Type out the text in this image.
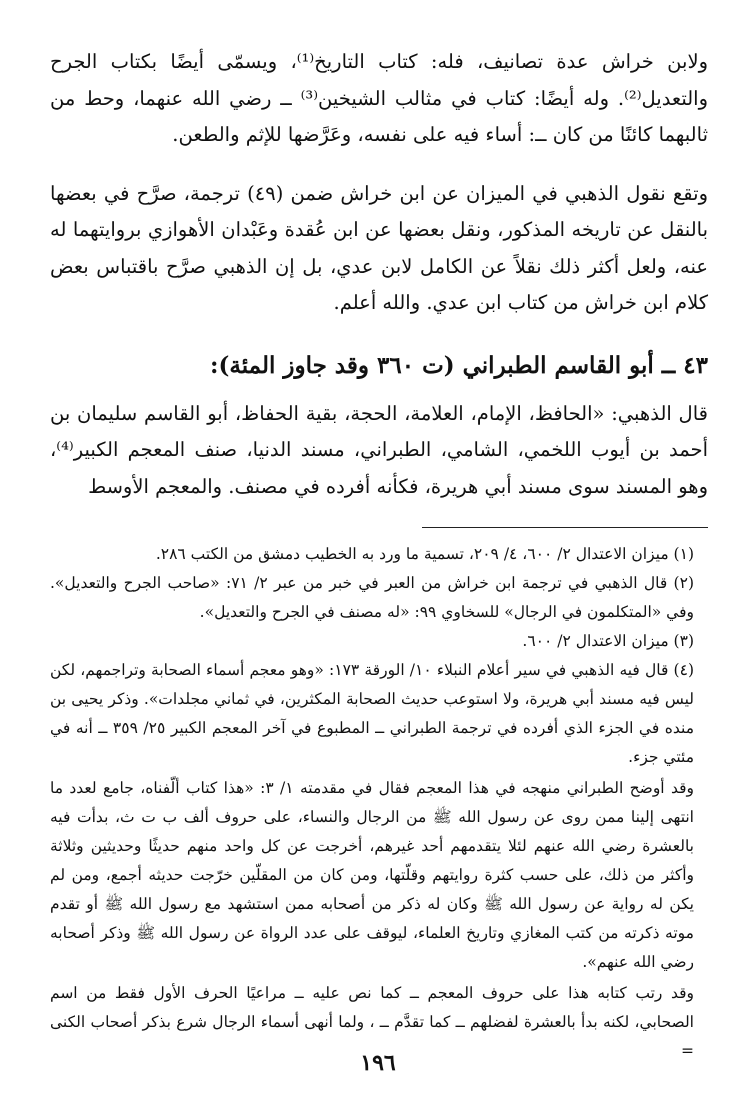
ولابن خراش عدة تصانيف، فله: كتاب التاريخ⁽¹⁾، ويسمّى أيضًا بكتاب الجرح والتعديل⁽²⁾. وله أيضًا: كتاب في مثالب الشيخين⁽³⁾ ــ رضي الله عنهما، وحط من ثالبهما كائنًا من كان ــ: أساء فيه على نفسه، وعَرَّضها للإثم والطعن.

وتقع نقول الذهبي في الميزان عن ابن خراش ضمن (٤٩) ترجمة، صرَّح في بعضها بالنقل عن تاريخه المذكور، ونقل بعضها عن ابن عُقدة وعَبْدان الأهوازي بروايتهما له عنه، ولعل أكثر ذلك نقلاً عن الكامل لابن عدي، بل إن الذهبي صرَّح باقتباس بعض كلام ابن خراش من كتاب ابن عدي. والله أعلم.

٤٣ ــ أبو القاسم الطبراني (ت ٣٦٠ وقد جاوز المئة):

قال الذهبي: «الحافظ، الإمام، العلامة، الحجة، بقية الحفاظ، أبو القاسم سليمان بن أحمد بن أيوب اللخمي، الشامي، الطبراني، مسند الدنيا، صنف المعجم الكبير⁽⁴⁾، وهو المسند سوى مسند أبي هريرة، فكأنه أفرده في مصنف. والمعجم الأوسط

(١) ميزان الاعتدال ٢/ ٦٠٠، ٤/ ٢٠٩، تسمية ما ورد به الخطيب دمشق من الكتب ٢٨٦.

(٢) قال الذهبي في ترجمة ابن خراش من العبر في خبر من عبر ٢/ ٧١: «صاحب الجرح والتعديل». وفي «المتكلمون في الرجال» للسخاوي ٩٩: «له مصنف في الجرح والتعديل».

(٣) ميزان الاعتدال ٢/ ٦٠٠.

(٤) قال فيه الذهبي في سير أعلام النبلاء ١٠/ الورقة ١٧٣: «وهو معجم أسماء الصحابة وتراجمهم، لكن ليس فيه مسند أبي هريرة، ولا استوعب حديث الصحابة المكثرين، في ثماني مجلدات». وذكر يحيى بن منده في الجزء الذي أفرده في ترجمة الطبراني ــ المطبوع في آخر المعجم الكبير ٢٥/ ٣٥٩ ــ أنه في مئتي جزء.

وقد أوضح الطبراني منهجه في هذا المعجم فقال في مقدمته ١/ ٣: «هذا كتاب ألّفناه، جامع لعدد ما انتهى إلينا ممن روى عن رسول الله ﷺ من الرجال والنساء، على حروف ألف ب ت ث، بدأت فيه بالعشرة رضي الله عنهم لئلا يتقدمهم أحد غيرهم، أخرجت عن كل واحد منهم حديثًا وحديثين وثلاثة وأكثر من ذلك، على حسب كثرة روايتهم وقلّتها، ومن كان من المقلّين خرّجت حديثه أجمع، ومن لم يكن له رواية عن رسول الله ﷺ وكان له ذكر من أصحابه ممن استشهد مع رسول الله ﷺ أو تقدم موته ذكرته من كتب المغازي وتاريخ العلماء، ليوقف على عدد الرواة عن رسول الله ﷺ وذكر أصحابه رضي الله عنهم».

وقد رتب كتابه هذا على حروف المعجم ــ كما نص عليه ــ مراعيًا الحرف الأول فقط من اسم الصحابي، لكنه بدأ بالعشرة لفضلهم ــ كما تقدَّم ــ ، ولما أنهى أسماء الرجال شرع بذكر أصحاب الكنى =

١٩٦
